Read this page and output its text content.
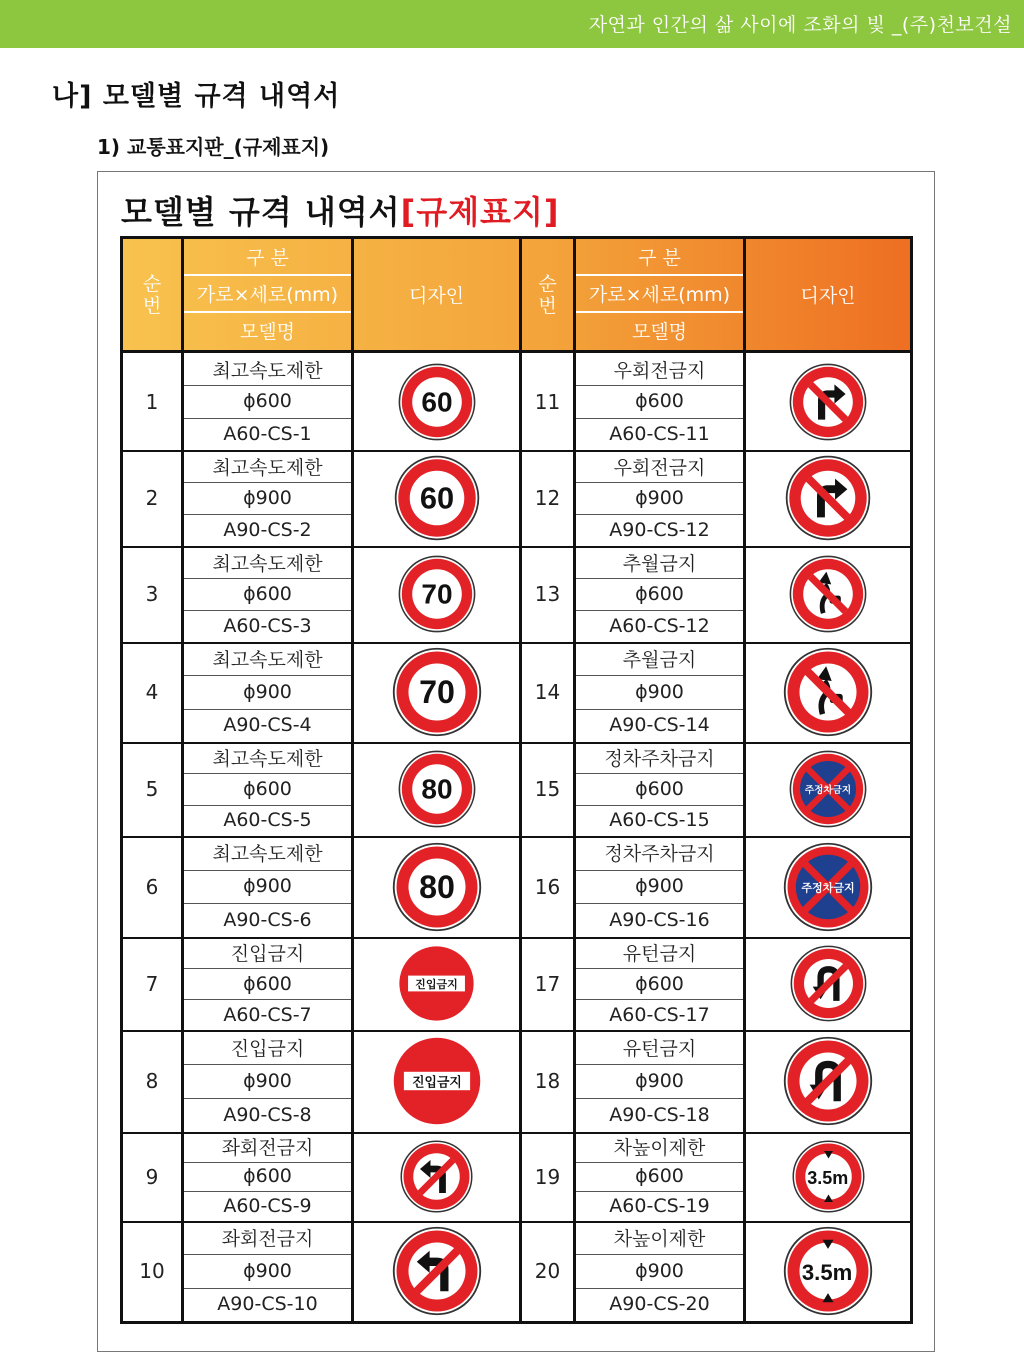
자연과 인간의 삶 사이에 조화의 빛 _(주)천보건설
나] 모델별 규격 내역서
1) 교통표지판_(규제표지)
모델별 규격 내역서[규제표지]
순
번
구 분
가로×세로(mm)
모델명
디자인
순
번
구 분
가로×세로(mm)
모델명
디자인
1
최고속도제한
ϕ600
A60-CS-1
60
2
최고속도제한
ϕ900
A90-CS-2
60
3
최고속도제한
ϕ600
A60-CS-3
70
4
최고속도제한
ϕ900
A90-CS-4
70
5
최고속도제한
ϕ600
A60-CS-5
80
6
최고속도제한
ϕ900
A90-CS-6
80
7
진입금지
ϕ600
A60-CS-7
진입금지
8
진입금지
ϕ900
A90-CS-8
진입금지
9
좌회전금지
ϕ600
A60-CS-9
10
좌회전금지
ϕ900
A90-CS-10
11
우회전금지
ϕ600
A60-CS-11
12
우회전금지
ϕ900
A90-CS-12
13
추월금지
ϕ600
A60-CS-12
14
추월금지
ϕ900
A90-CS-14
15
정차주차금지
ϕ600
A60-CS-15
주정차금지
16
정차주차금지
ϕ900
A90-CS-16
주정차금지
17
유턴금지
ϕ600
A60-CS-17
18
유턴금지
ϕ900
A90-CS-18
19
차높이제한
ϕ600
A60-CS-19
3.5m
20
차높이제한
ϕ900
A90-CS-20
3.5m
